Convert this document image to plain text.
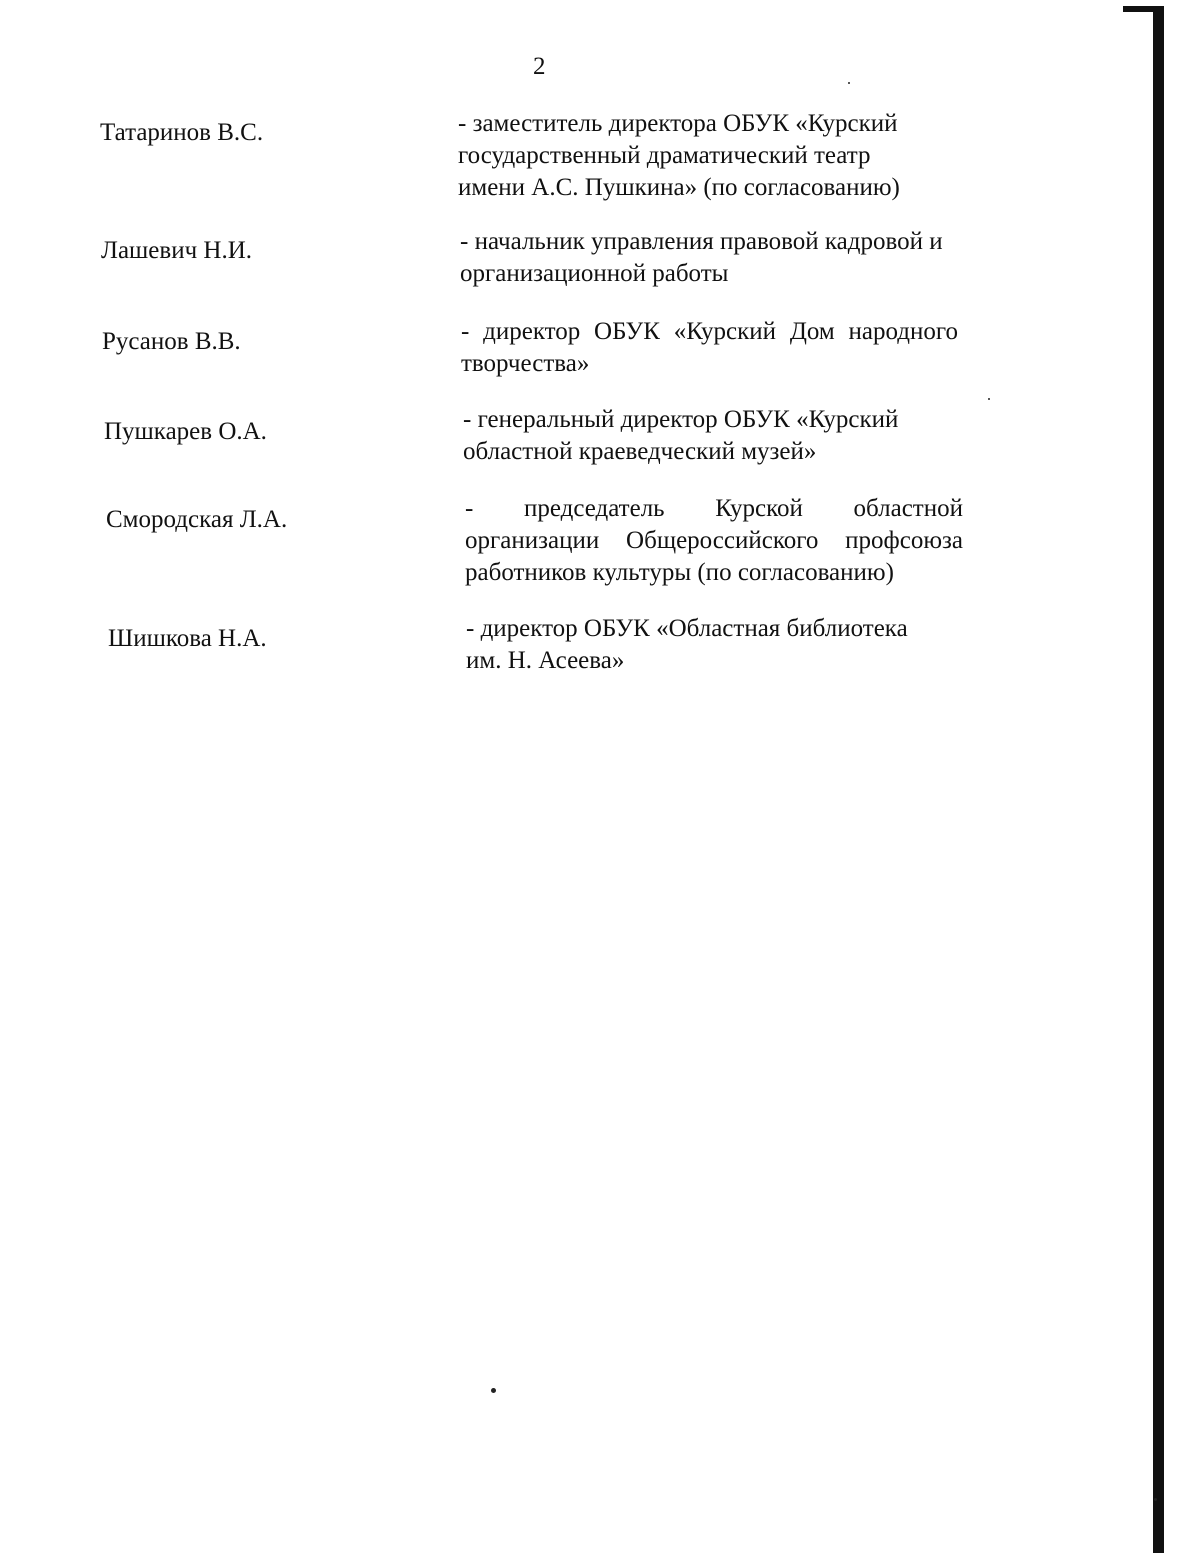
2
Татаринов В.С.	- заместитель директора ОБУК «Курский
государственный драматический театр
имени А.С. Пушкина» (по согласованию)
Лашевич Н.И.	- начальник управления правовой кадровой и
организационной работы
Русанов В.В.	- директор ОБУК «Курский Дом народного
творчества»
Пушкарев О.А.	- генеральный директор ОБУК «Курский
областной краеведческий музей»
Смородская Л.А.	- председатель Курской областной
организации Общероссийского профсоюза
работников культуры (по согласованию)
Шишкова Н.А.	- директор ОБУК «Областная библиотека
им. Н. Асеева»
